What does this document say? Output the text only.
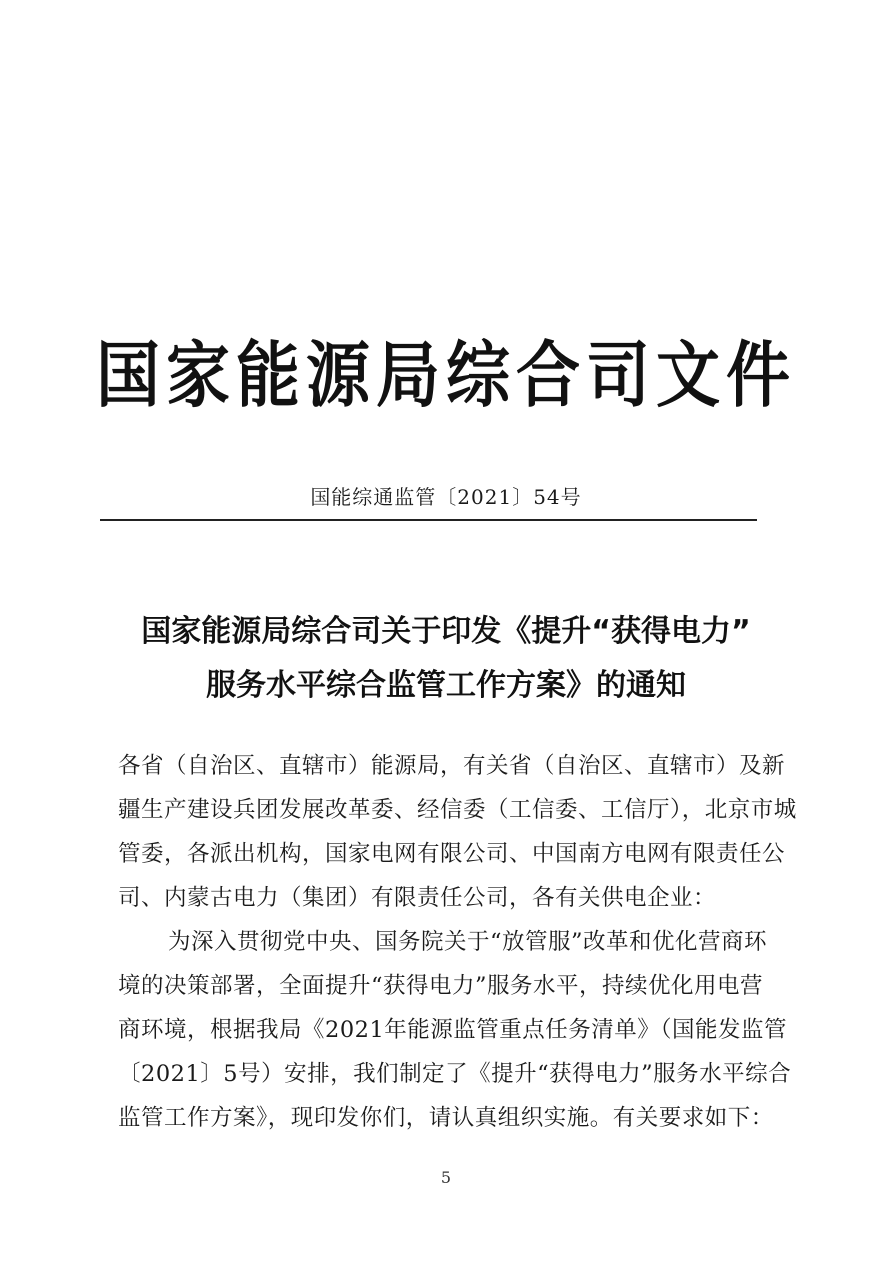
国家能源局综合司文件
国能综通监管〔2021〕54号
国家能源局综合司关于印发《提升“获得电力”
服务水平综合监管工作方案》的通知
各省（自治区、直辖市）能源局，有关省（自治区、直辖市）及新
疆生产建设兵团发展改革委、经信委（工信委、工信厅），北京市城
管委，各派出机构，国家电网有限公司、中国南方电网有限责任公
司、内蒙古电力（集团）有限责任公司，各有关供电企业：
为深入贯彻党中央、国务院关于“放管服”改革和优化营商环
境的决策部署，全面提升“获得电力”服务水平，持续优化用电营
商环境，根据我局《2021年能源监管重点任务清单》（国能发监管
〔2021〕5号）安排，我们制定了《提升“获得电力”服务水平综合
监管工作方案》，现印发你们，请认真组织实施。有关要求如下：
5
